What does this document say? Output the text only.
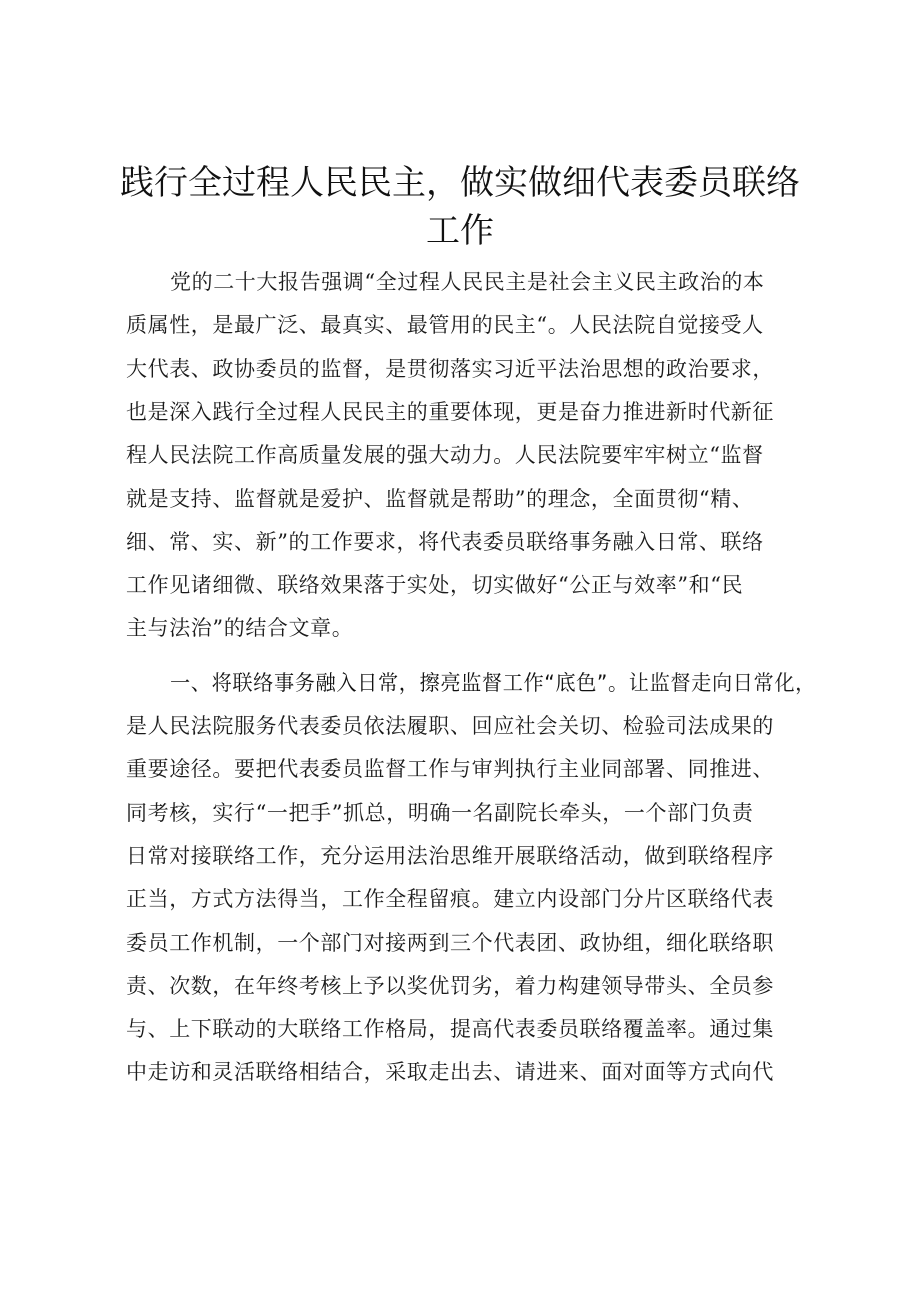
践行全过程人民民主，做实做细代表委员联络
工作
党的二十大报告强调“全过程人民民主是社会主义民主政治的本
质属性，是最广泛、最真实、最管用的民主“。人民法院自觉接受人
大代表、政协委员的监督，是贯彻落实习近平法治思想的政治要求，
也是深入践行全过程人民民主的重要体现，更是奋力推进新时代新征
程人民法院工作高质量发展的强大动力。人民法院要牢牢树立“监督
就是支持、监督就是爱护、监督就是帮助”的理念，全面贯彻“精、
细、常、实、新”的工作要求，将代表委员联络事务融入日常、联络
工作见诸细微、联络效果落于实处，切实做好“公正与效率”和“民
主与法治”的结合文章。
一、将联络事务融入日常，擦亮监督工作“底色”。让监督走向日常化，
是人民法院服务代表委员依法履职、回应社会关切、检验司法成果的
重要途径。要把代表委员监督工作与审判执行主业同部署、同推进、
同考核，实行“一把手”抓总，明确一名副院长牵头，一个部门负责
日常对接联络工作，充分运用法治思维开展联络活动，做到联络程序
正当，方式方法得当，工作全程留痕。建立内设部门分片区联络代表
委员工作机制，一个部门对接两到三个代表团、政协组，细化联络职
责、次数，在年终考核上予以奖优罚劣，着力构建领导带头、全员参
与、上下联动的大联络工作格局，提高代表委员联络覆盖率。通过集
中走访和灵活联络相结合，采取走出去、请进来、面对面等方式向代
